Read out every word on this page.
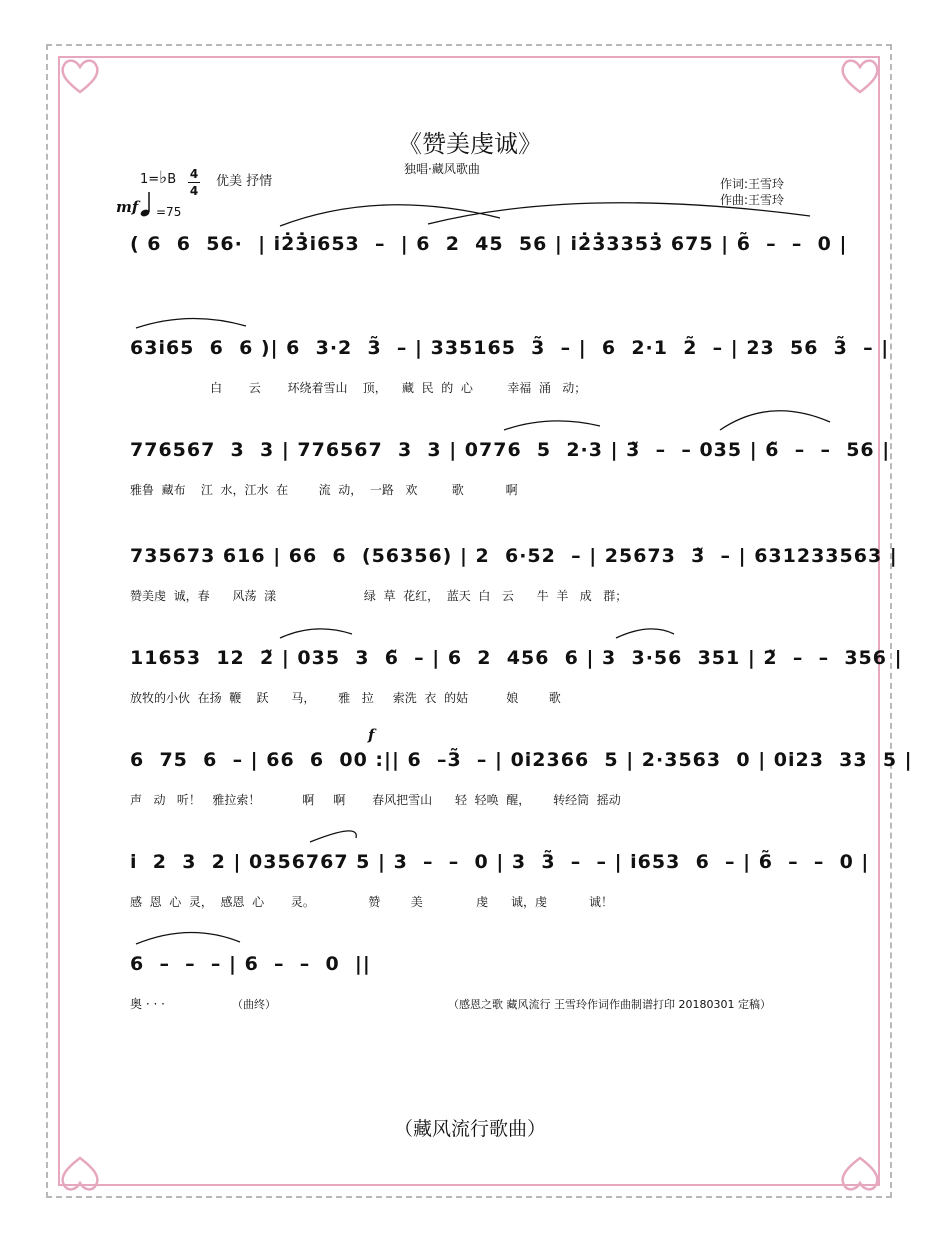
《赞美虔诚》
独唱·藏风歌曲
1=♭B 4
4
优美 抒情
mf =75
作词:王雪玲
作曲:王雪玲
( 6  6  56·  | i2̇3̇i653  –  | 6  2  45  56 | i2̇3̇3353̇ 675 | 6̃  –  –  0 |
63i65  6  6 )| 6  3·2  3̃  – | 335165  3̃  – |  6  2·1  2̃  – | 23  56  3̃  – |
白       云       环绕着雪山    顶，    藏  民  的  心         幸福  涌   动；
776567  3  3 | 776567  3  3 | 0776  5  2·3 | 3̃  –  – 035 | 6̃  –  –  56 |
雅鲁  藏布    江  水，江水  在        流  动，  一路   欢         歌           啊
735673 616 | 66  6  (56356) | 2  6·52  – | 25673  3̃  – | 631233563 |
赞美虔  诚，春      风荡  漾                       绿  草  花红，  蓝天  白   云      牛  羊   成   群；
11653  12  2̃ | 035  3  6̃  – | 6  2  456  6 | 3  3·56  351 | 2̃  –  –  356 |
放牧的小伙  在扬  鞭    跃      马，      雅   拉     索洗  衣  的姑          娘        歌
f
6  75  6  – | 66  6  00 :|| 6  –3̃  – | 0i2366  5 | 2·3563  0 | 0i23  33  5 |
声   动   听！   雅拉索！           啊     啊       春风把雪山      轻  轻唤  醒，      转经筒  摇动
i  2  3  2 | 0356767 5 | 3  –  –  0 | 3  3̃  –  – | i653  6  – | 6̃  –  –  0 |
感  恩  心  灵，  感恩  心       灵。              赞        美              虔      诚，虔           诚！
6  –  –  – | 6  –  –  0  ||
奥 · · ·	（曲终）	（感恩之歌 藏风流行 王雪玲作词作曲制谱打印 20180301 定稿）
（藏风流行歌曲）
